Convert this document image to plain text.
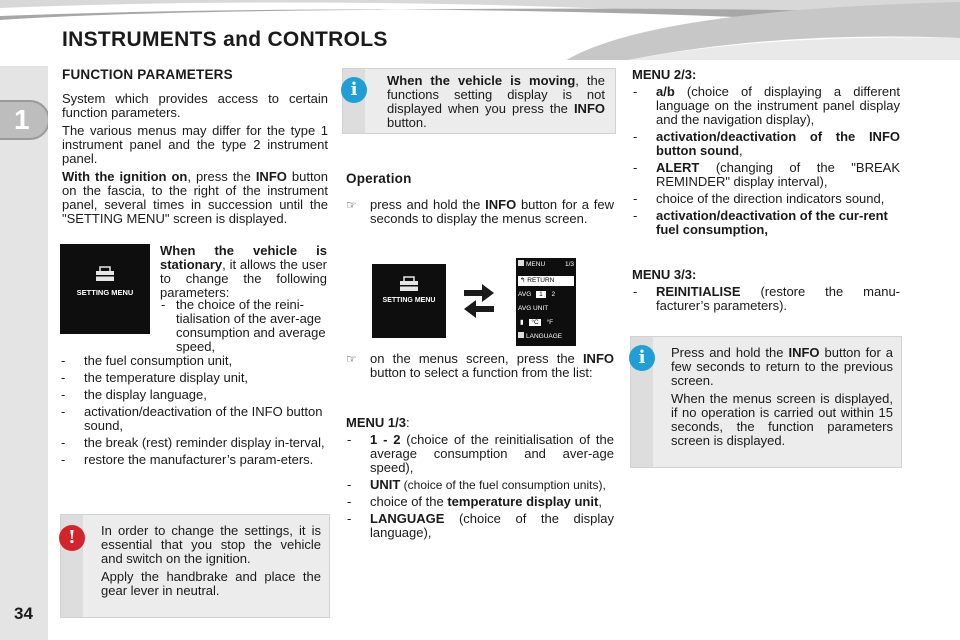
INSTRUMENTS and CONTROLS
1
34
FUNCTION PARAMETERS

System which provides access to certain function parameters.

The various menus may differ for the type 1 instrument panel and the type 2 instrument panel.

With the ignition on, press the INFO button on the fascia, to the right of the instrument panel, several times in succession until the "SETTING MENU" screen is displayed.

SETTING MENU

When the vehicle is stationary, it allows the user to change the following parameters:

- the choice of the reini-tialisation of the aver-age consumption and average speed,
- the fuel consumption unit,
- the temperature display unit,
- the display language,
- activation/deactivation of the INFO button sound,
- the break (rest) reminder display in-terval,
- restore the manufacturer’s param-eters.
!	In order to change the settings, it is essential that you stop the vehicle and switch on the ignition.

Apply the handbrake and place the gear lever in neutral.

i	When the vehicle is moving, the functions setting display is not displayed when you press the INFO button.

Operation
☞ press and hold the INFO button for a few seconds to display the menus screen.
SETTING MENU
MENU	1/3
↰ RETURN
AVG 1 2
AVG UNIT
▮ °C °F
LANGUAGE
☞ on the menus screen, press the INFO button to select a function from the list:

MENU 1/3:

- 1 - 2 (choice of the reinitialisation of the average consumption and aver-age speed),
- UNIT (choice of the fuel consumption units),
- choice of the temperature display unit,
- LANGUAGE (choice of the display language),

MENU 2/3:

- a/b (choice of displaying a different language on the instrument panel display and the navigation display),
- activation/deactivation of the INFO button sound,
- ALERT (changing of the "BREAK REMINDER" display interval),
- choice of the direction indicators sound,
- activation/deactivation of the cur-rent fuel consumption,

MENU 3/3:

- REINITIALISE (restore the manu-facturer’s parameters).
i	Press and hold the INFO button for a few seconds to return to the previous screen.

When the menus screen is displayed, if no operation is carried out within 15 seconds, the function parameters screen is displayed.
